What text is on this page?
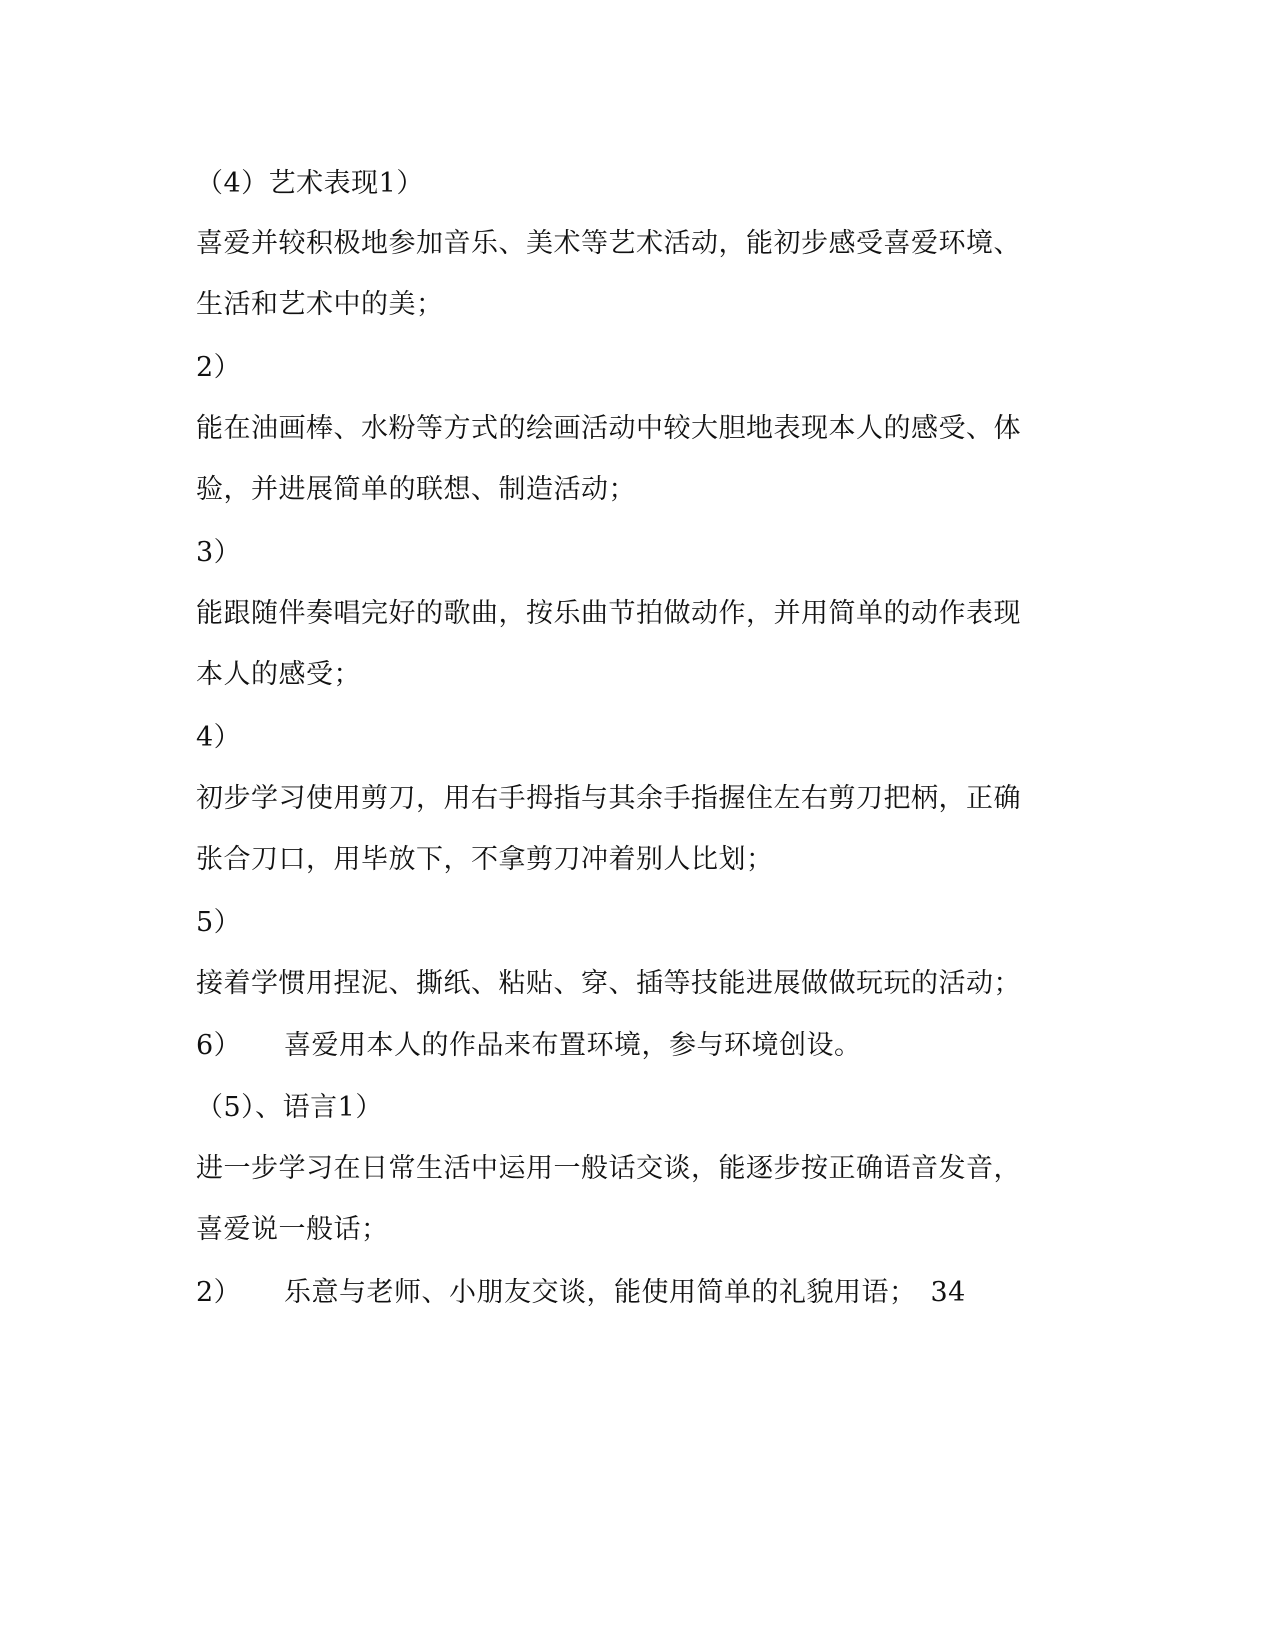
（4）艺术表现1）
喜爱并较积极地参加音乐、美术等艺术活动，能初步感受喜爱环境、
生活和艺术中的美；
2）
能在油画棒、水粉等方式的绘画活动中较大胆地表现本人的感受、体
验，并进展简单的联想、制造活动；
3）
能跟随伴奏唱完好的歌曲，按乐曲节拍做动作，并用简单的动作表现
本人的感受；
4）
初步学习使用剪刀，用右手拇指与其余手指握住左右剪刀把柄，正确
张合刀口，用毕放下，不拿剪刀冲着别人比划；
5）
接着学惯用捏泥、撕纸、粘贴、穿、插等技能进展做做玩玩的活动；
6） 喜爱用本人的作品来布置环境，参与环境创设。
（5）、语言1）
进一步学习在日常生活中运用一般话交谈，能逐步按正确语音发音，
喜爱说一般话；
2） 乐意与老师、小朋友交谈，能使用简单的礼貌用语； 34
